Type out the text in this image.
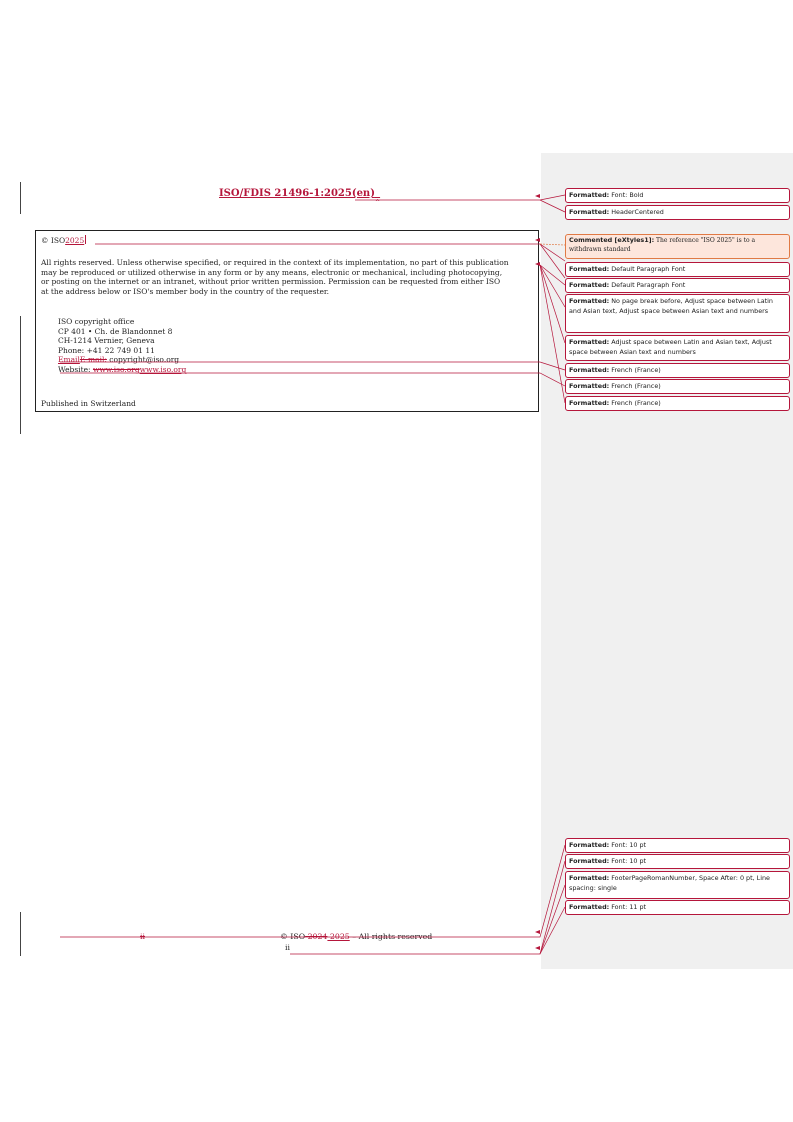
ISO/FDIS $21496-1:2025(en)_‸$
© ISO2025
All rights reserved. Unless otherwise specified, or required in the context of its implementation, no part of this publication
may be reproduced or utilized otherwise in any form or by any means, electronic or mechanical, including photocopying,
or posting on the internet or an intranet, without prior written permission. Permission can be requested from either ISO
at the address below or ISO's member body in the country of the requester.
ISO copyright office
CP 401 • Ch. de Blandonnet 8
CH-1214 Vernier, Geneva
Phone: +41 22 749 01 11
EmailE-mail: copyright@iso.org
Website: www.iso.orgwww.iso.org
Published in Switzerland
ii	© ISO 2024 2025 – All rights reserved
ii
Formatted: Font: Bold
Formatted: HeaderCentered
Commented [eXtyles1]: The reference "ISO 2025" is to a withdrawn standard
Formatted: Default Paragraph Font
Formatted: Default Paragraph Font
Formatted: No page break before, Adjust space between Latin and Asian text, Adjust space between Asian text and numbers
Formatted: Adjust space between Latin and Asian text, Adjust space between Asian text and numbers
Formatted: French (France)
Formatted: French (France)
Formatted: French (France)
Formatted: Font: 10 pt
Formatted: Font: 10 pt
Formatted: FooterPageRomanNumber, Space After: 0 pt, Line spacing: single
Formatted: Font: 11 pt
